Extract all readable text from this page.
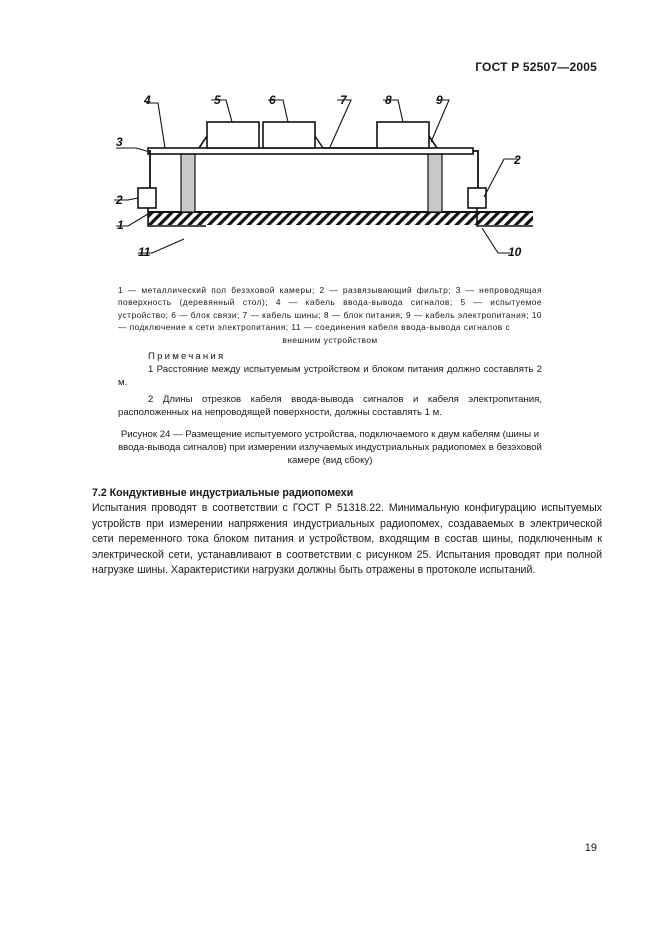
ГОСТ Р 52507—2005
4	5	6	7	8	9
3
2
2
1
11	10
1 — металлический пол безэховой камеры; 2 — развязывающий фильтр; 3 — непроводящая поверхность (деревянный стол); 4 — кабель ввода-вывода сигналов; 5 — испытуемое устройство; 6 — блок связи; 7 — кабель шины; 8 — блок питания; 9 — кабель электропитания; 10 — подключение к сети электропитания; 11 — соединения кабеля ввода-вывода сигналов с
внешним устройством
Примечания

1 Расстояние между испытуемым устройством и блоком питания должно составлять 2 м.

2 Длины отрезков кабеля ввода-вывода сигналов и кабеля электропитания, расположенных на непроводящей поверхности, должны составлять 1 м.

Рисунок 24 — Размещение испытуемого устройства, подключаемого к двум кабелям (шины и ввода-вывода сигналов) при измерении излучаемых индустриальных радиопомех в безэховой камере (вид сбоку)
7.2 Кондуктивные индустриальные радиопомехи

Испытания проводят в соответствии с ГОСТ Р 51318.22. Минимальную конфигурацию испытуемых устройств при измерении напряжения индустриальных радиопомех, создаваемых в электрической сети переменного тока блоком питания и устройством, входящим в состав шины, подключенным к электрической сети, устанавливают в соответствии с рисунком 25. Испытания проводят при полной нагрузке шины. Характеристики нагрузки должны быть отражены в протоколе испытаний.

19
